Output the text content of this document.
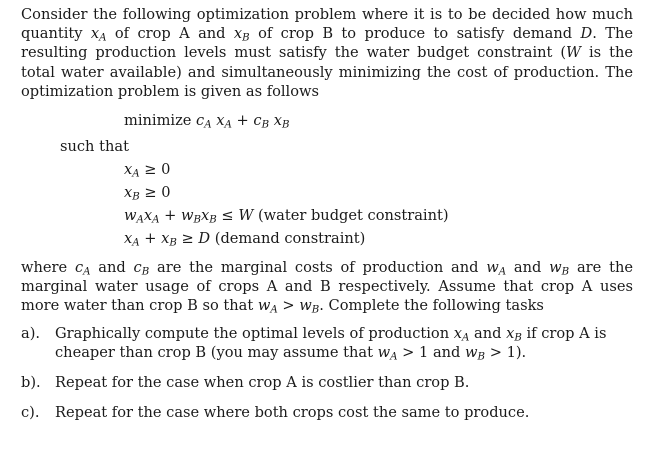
Consider the following optimization problem where it is to be decided how much quantity $x_A$ of crop A and $x_B$ of crop B to produce to satisfy demand D. The resulting production levels must satisfy the water budget constraint (W is the total water available) and simultaneously minimizing the cost of production. The optimization problem is given as follows

minimize $c_A$ $x_A + c_B$ $x_B$
such that
$x_A \ge 0$
$x_B \ge 0$
$w_Ax_A + w_Bx_B \le W$ (water budget constraint)
$x_A + x_B \ge D$ (demand constraint)

where $c_A$ and $c_B$ are the marginal costs of production and $w_A$ and $w_B$ are the marginal water usage of crops A and B respectively. Assume that crop A uses more water than crop B so that $w_A > w_B$. Complete the following tasks

a).	Graphically compute the optimal levels of production $x_A$ and $x_B$ if crop A is cheaper than crop B (you may assume that $w_A > 1$ and $w_B > 1$).
b). Repeat for the case when crop A is costlier than crop B.
c).	Repeat for the case where both crops cost the same to produce.
